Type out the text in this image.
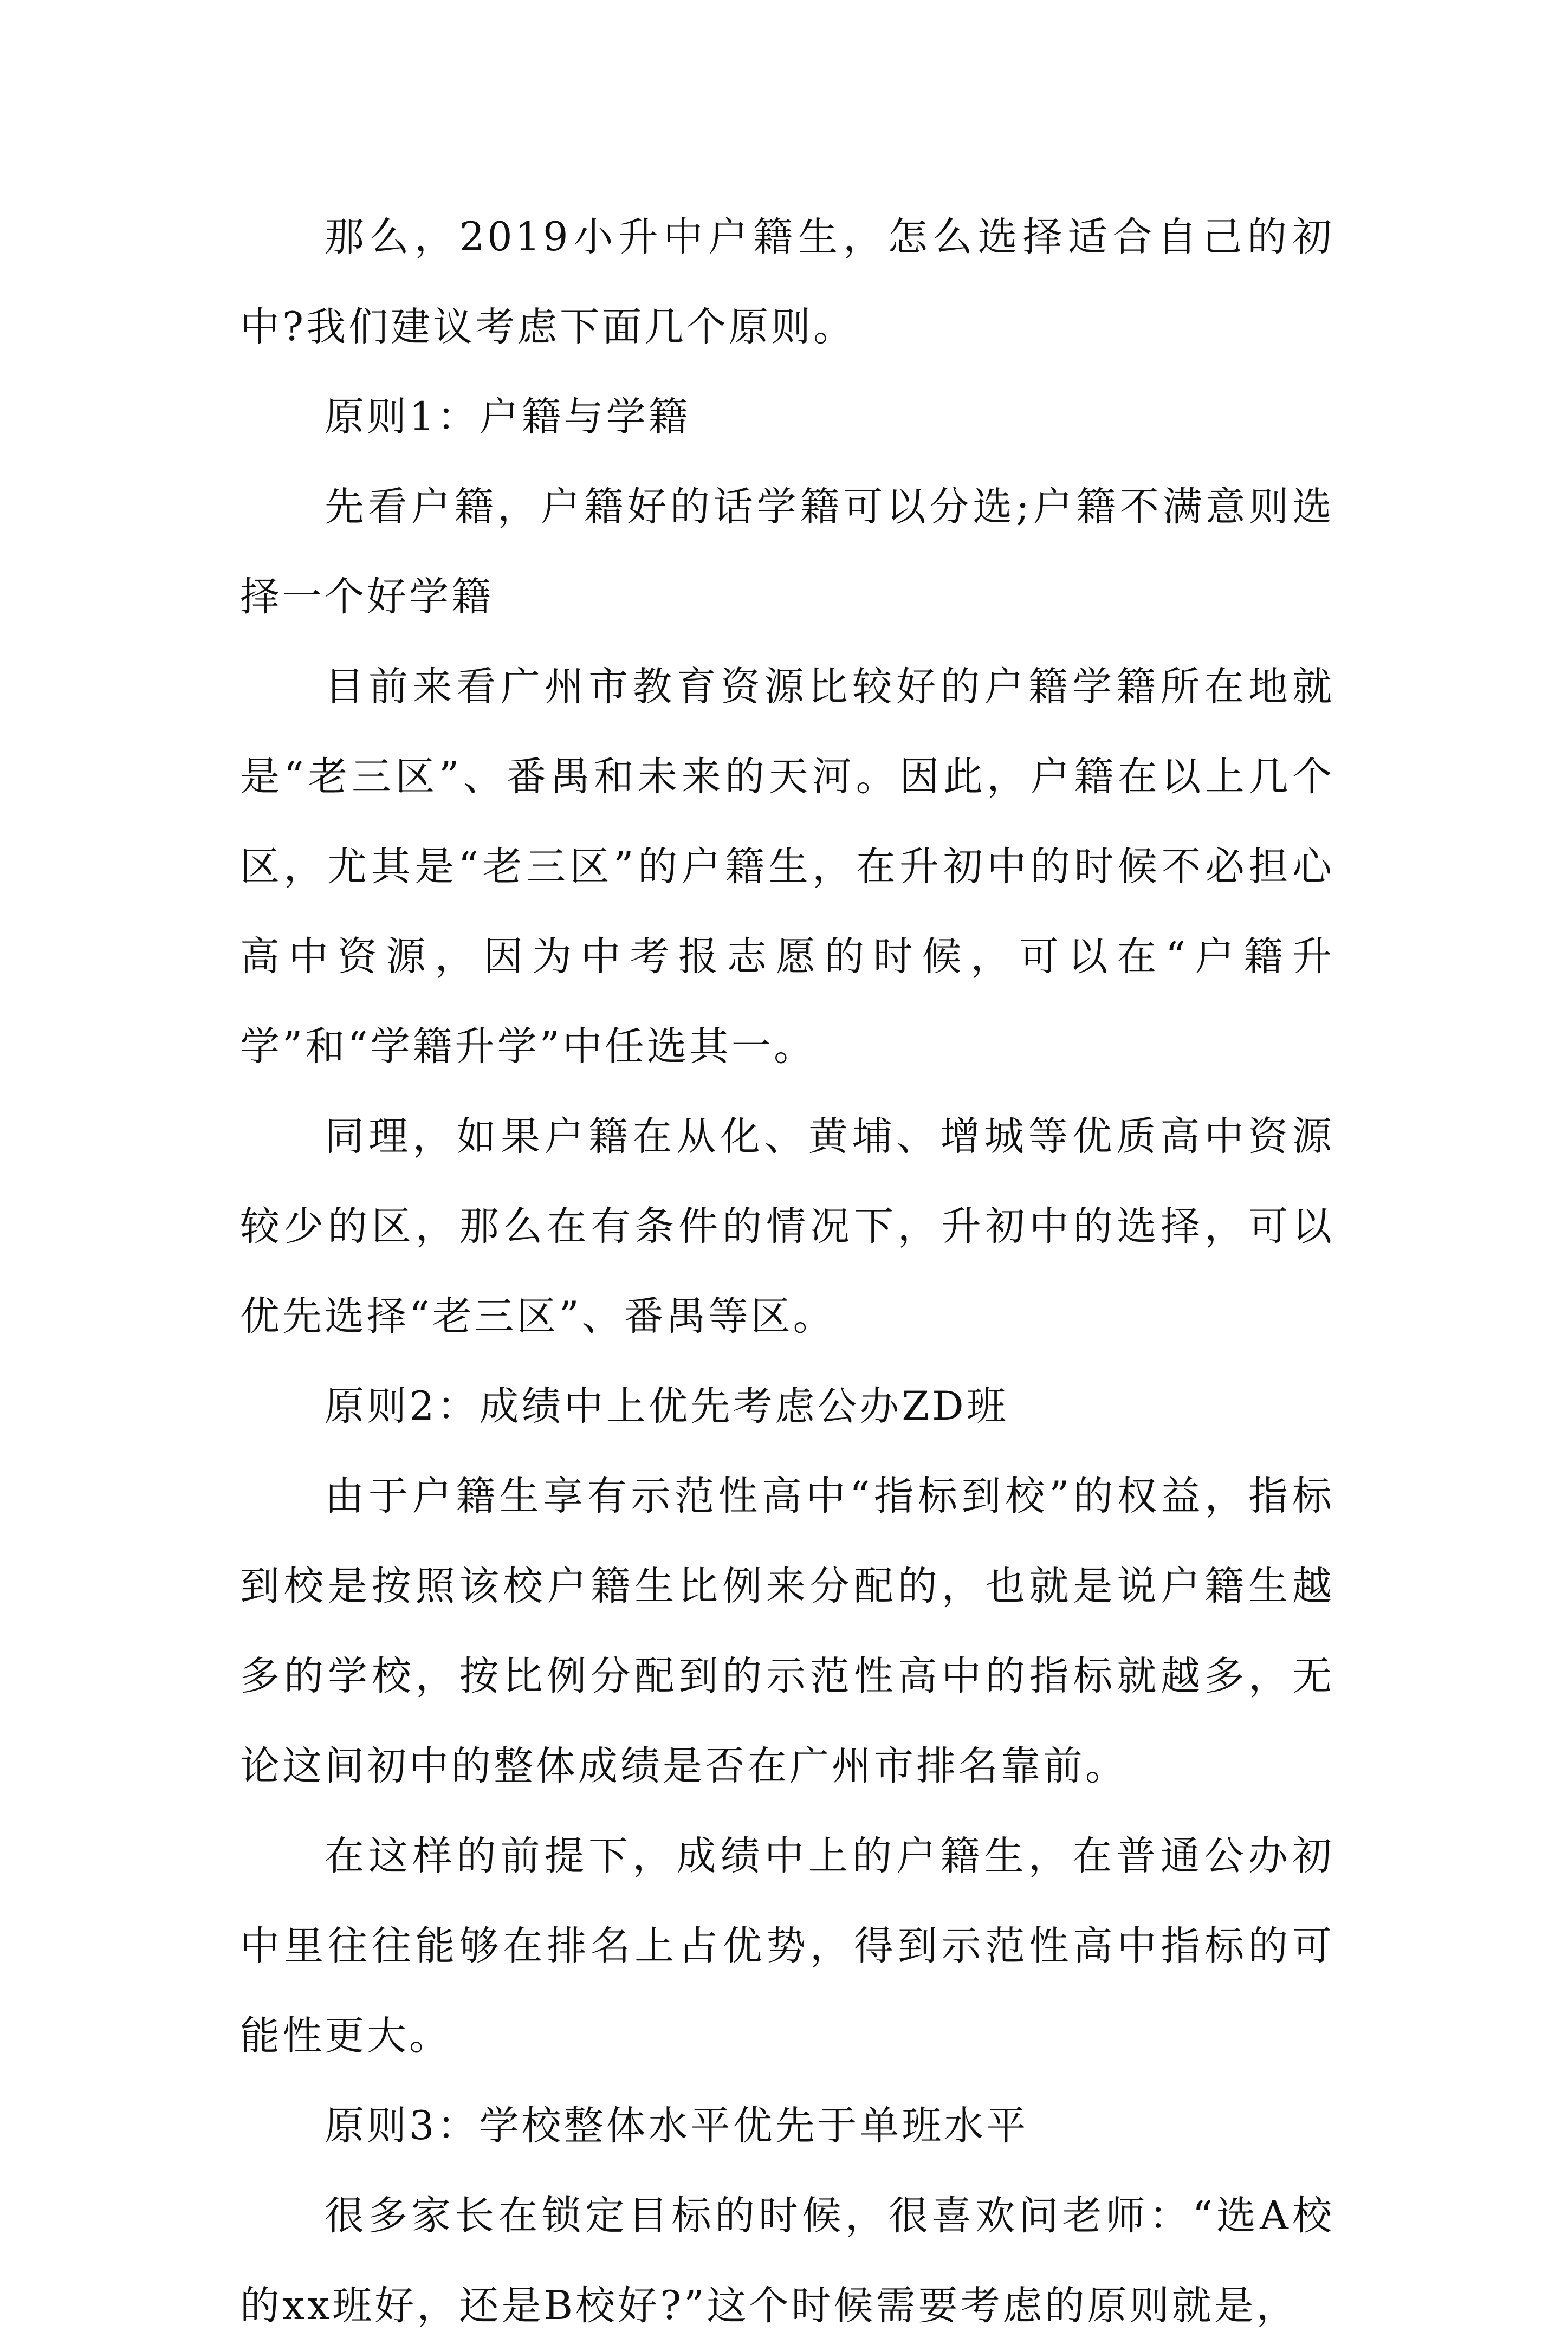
那么，2019小升中户籍生，怎么选择适合自己的初中?我们建议考虑下面几个原则。

原则1：户籍与学籍

先看户籍，户籍好的话学籍可以分选;户籍不满意则选择一个好学籍

目前来看广州市教育资源比较好的户籍学籍所在地就是“老三区”、番禺和未来的天河。因此，户籍在以上几个区，尤其是“老三区”的户籍生，在升初中的时候不必担心高中资源，因为中考报志愿的时候，可以在“户籍升学”和“学籍升学”中任选其一。

同理，如果户籍在从化、黄埔、增城等优质高中资源较少的区，那么在有条件的情况下，升初中的选择，可以优先选择“老三区”、番禺等区。

原则2：成绩中上优先考虑公办ZD班

由于户籍生享有示范性高中“指标到校”的权益，指标到校是按照该校户籍生比例来分配的，也就是说户籍生越多的学校，按比例分配到的示范性高中的指标就越多，无论这间初中的整体成绩是否在广州市排名靠前。

在这样的前提下，成绩中上的户籍生，在普通公办初中里往往能够在排名上占优势，得到示范性高中指标的可能性更大。

原则3：学校整体水平优先于单班水平

很多家长在锁定目标的时候，很喜欢问老师：“选A校的xx班好，还是B校好?”这个时候需要考虑的原则就是，
